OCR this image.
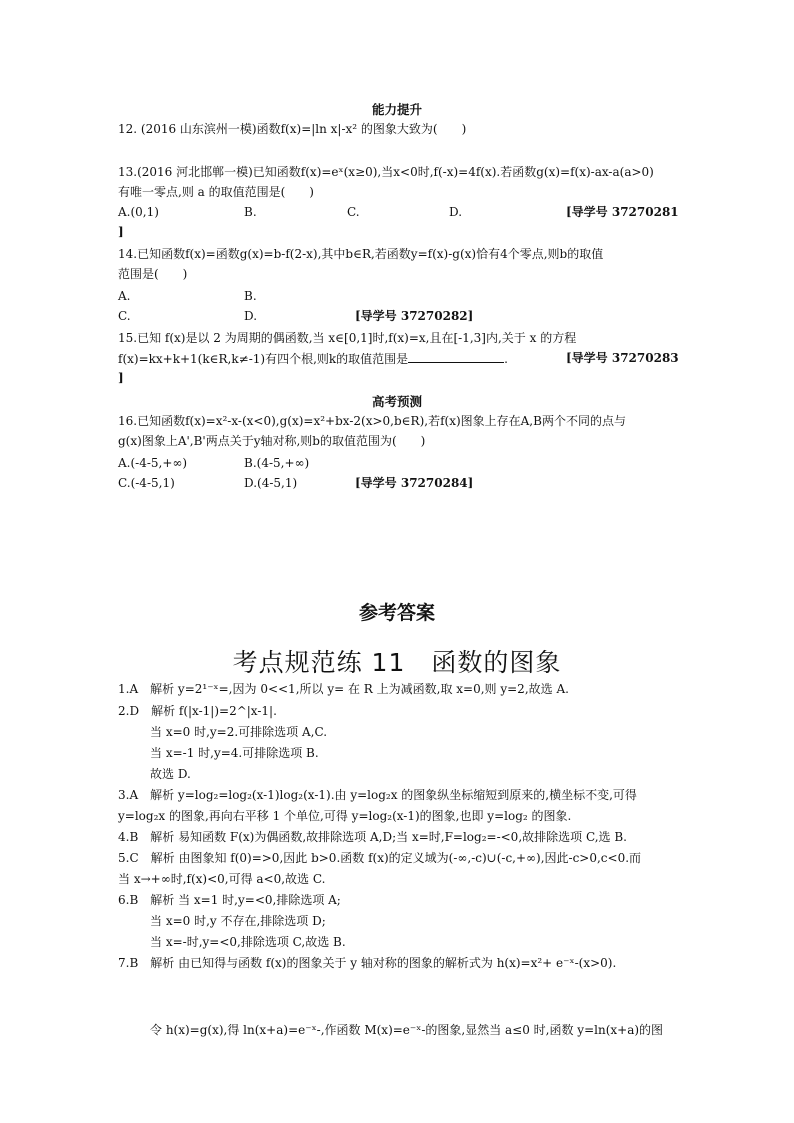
能力提升
12. (2016 山东滨州一模)函数f(x)=|ln x|-x² 的图象大致为(　　)
13.(2016 河北邯郸一模)已知函数f(x)=eˣ(x≥0),当x<0时,f(-x)=4f(x).若函数g(x)=f(x)-ax-a(a>0)
有唯一零点,则 a 的取值范围是(　　)
A.(0,1)	B.	C.	D.	[导学号 37270281
]
14.已知函数f(x)=函数g(x)=b-f(2-x),其中b∈R,若函数y=f(x)-g(x)恰有4个零点,则b的取值
范围是(　　)
A.	B.
C.	D.	[导学号 37270282]
15.已知 f(x)是以 2 为周期的偶函数,当 x∈[0,1]时,f(x)=x,且在[-1,3]内,关于 x 的方程
f(x)=kx+k+1(k∈R,k≠-1)有四个根,则k的取值范围是	.	[导学号 37270283
]
高考预测
16.已知函数f(x)=x²-x-(x<0),g(x)=x²+bx-2(x>0,b∈R),若f(x)图象上存在A,B两个不同的点与
g(x)图象上A',B'两点关于y轴对称,则b的取值范围为(　　)
A.(-4-5,+∞)	B.(4-5,+∞)
C.(-4-5,1)	D.(4-5,1)	[导学号 37270284]
参考答案
考点规范练 11　函数的图象
1.A　解析 y=2¹⁻ˣ=,因为 0<<1,所以 y= 在 R 上为减函数,取 x=0,则 y=2,故选 A.
2.D　解析 f(|x-1|)=2^|x-1|.
当 x=0 时,y=2.可排除选项 A,C.
当 x=-1 时,y=4.可排除选项 B.
故选 D.
3.A　解析 y=log₂=log₂(x-1)log₂(x-1).由 y=log₂x 的图象纵坐标缩短到原来的,横坐标不变,可得
y=log₂x 的图象,再向右平移 1 个单位,可得 y=log₂(x-1)的图象,也即 y=log₂ 的图象.
4.B　解析 易知函数 F(x)为偶函数,故排除选项 A,D;当 x=时,F=log₂=-<0,故排除选项 C,选 B.
5.C　解析 由图象知 f(0)=>0,因此 b>0.函数 f(x)的定义域为(-∞,-c)∪(-c,+∞),因此-c>0,c<0.而
当 x→+∞时,f(x)<0,可得 a<0,故选 C.
6.B　解析 当 x=1 时,y=<0,排除选项 A;
当 x=0 时,y 不存在,排除选项 D;
当 x=-时,y=<0,排除选项 C,故选 B.
7.B　解析 由已知得与函数 f(x)的图象关于 y 轴对称的图象的解析式为 h(x)=x²+ e⁻ˣ-(x>0).
令 h(x)=g(x),得 ln(x+a)=e⁻ˣ-,作函数 M(x)=e⁻ˣ-的图象,显然当 a≤0 时,函数 y=ln(x+a)的图
